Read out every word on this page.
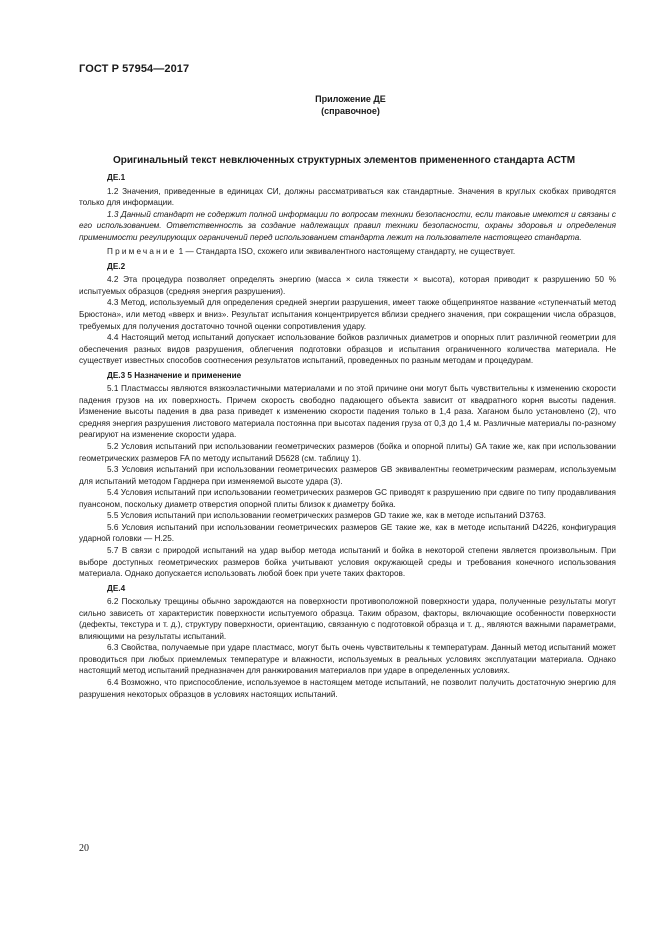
ГОСТ Р 57954—2017
Приложение ДЕ
(справочное)
Оригинальный текст невключенных структурных элементов примененного стандарта АСТМ

ДЕ.1

1.2 Значения, приведенные в единицах СИ, должны рассматриваться как стандартные. Значения в круглых скобках приводятся только для информации.

1.3 Данный стандарт не содержит полной информации по вопросам техники безопасности, если таковые имеются и связаны с его использованием. Ответственность за создание надлежащих правил техники безопасности, охраны здоровья и определения применимости регулирующих ограничений перед использованием стандарта лежит на пользователе настоящего стандарта.

Примечание 1 — Стандарта ISO, схожего или эквивалентного настоящему стандарту, не существует.

ДЕ.2

4.2 Эта процедура позволяет определять энергию (масса × сила тяжести × высота), которая приводит к разрушению 50 % испытуемых образцов (средняя энергия разрушения).

4.3 Метод, используемый для определения средней энергии разрушения, имеет также общепринятое название «ступенчатый метод Брюстона», или метод «вверх и вниз». Результат испытания концентрируется вблизи среднего значения, при сокращении числа образцов, требуемых для получения достаточно точной оценки сопротивления удару.

4.4 Настоящий метод испытаний допускает использование бойков различных диаметров и опорных плит различной геометрии для обеспечения разных видов разрушения, облегчения подготовки образцов и испытания ограниченного количества материала. Не существует известных способов соотнесения результатов испытаний, проведенных по разным методам и процедурам.

ДЕ.3 5 Назначение и применение

5.1 Пластмассы являются вязкоэластичными материалами и по этой причине они могут быть чувствительны к изменению скорости падения грузов на их поверхность. Причем скорость свободно падающего объекта зависит от квадратного корня высоты падения. Изменение высоты падения в два раза приведет к изменению скорости падения только в 1,4 раза. Хаганом было установлено (2), что средняя энергия разрушения листового материала постоянна при высотах падения груза от 0,3 до 1,4 м. Различные материалы по-разному реагируют на изменение скорости удара.

5.2 Условия испытаний при использовании геометрических размеров (бойка и опорной плиты) GA такие же, как при использовании геометрических размеров FA по методу испытаний D5628 (см. таблицу 1).

5.3 Условия испытаний при использовании геометрических размеров GB эквивалентны геометрическим размерам, используемым для испытаний методом Гарднера при изменяемой высоте удара (3).

5.4 Условия испытаний при использовании геометрических размеров GC приводят к разрушению при сдвиге по типу продавливания пуансоном, поскольку диаметр отверстия опорной плиты близок к диаметру бойка.

5.5 Условия испытаний при использовании геометрических размеров GD такие же, как в методе испытаний D3763.

5.6 Условия испытаний при использовании геометрических размеров GE такие же, как в методе испытаний D4226, конфигурация ударной головки — H.25.

5.7 В связи с природой испытаний на удар выбор метода испытаний и бойка в некоторой степени является произвольным. При выборе доступных геометрических размеров бойка учитывают условия окружающей среды и требования конечного использования материала. Однако допускается использовать любой боек при учете таких факторов.

ДЕ.4

6.2 Поскольку трещины обычно зарождаются на поверхности противоположной поверхности удара, полученные результаты могут сильно зависеть от характеристик поверхности испытуемого образца. Таким образом, факторы, включающие особенности поверхности (дефекты, текстура и т. д.), структуру поверхности, ориентацию, связанную с подготовкой образца и т. д., являются важными параметрами, влияющими на результаты испытаний.

6.3 Свойства, получаемые при ударе пластмасс, могут быть очень чувствительны к температурам. Данный метод испытаний может проводиться при любых приемлемых температуре и влажности, используемых в реальных условиях эксплуатации материала. Однако настоящий метод испытаний предназначен для ранжирования материалов при ударе в определенных условиях.

6.4 Возможно, что приспособление, используемое в настоящем методе испытаний, не позволит получить достаточную энергию для разрушения некоторых образцов в условиях настоящих испытаний.

20
